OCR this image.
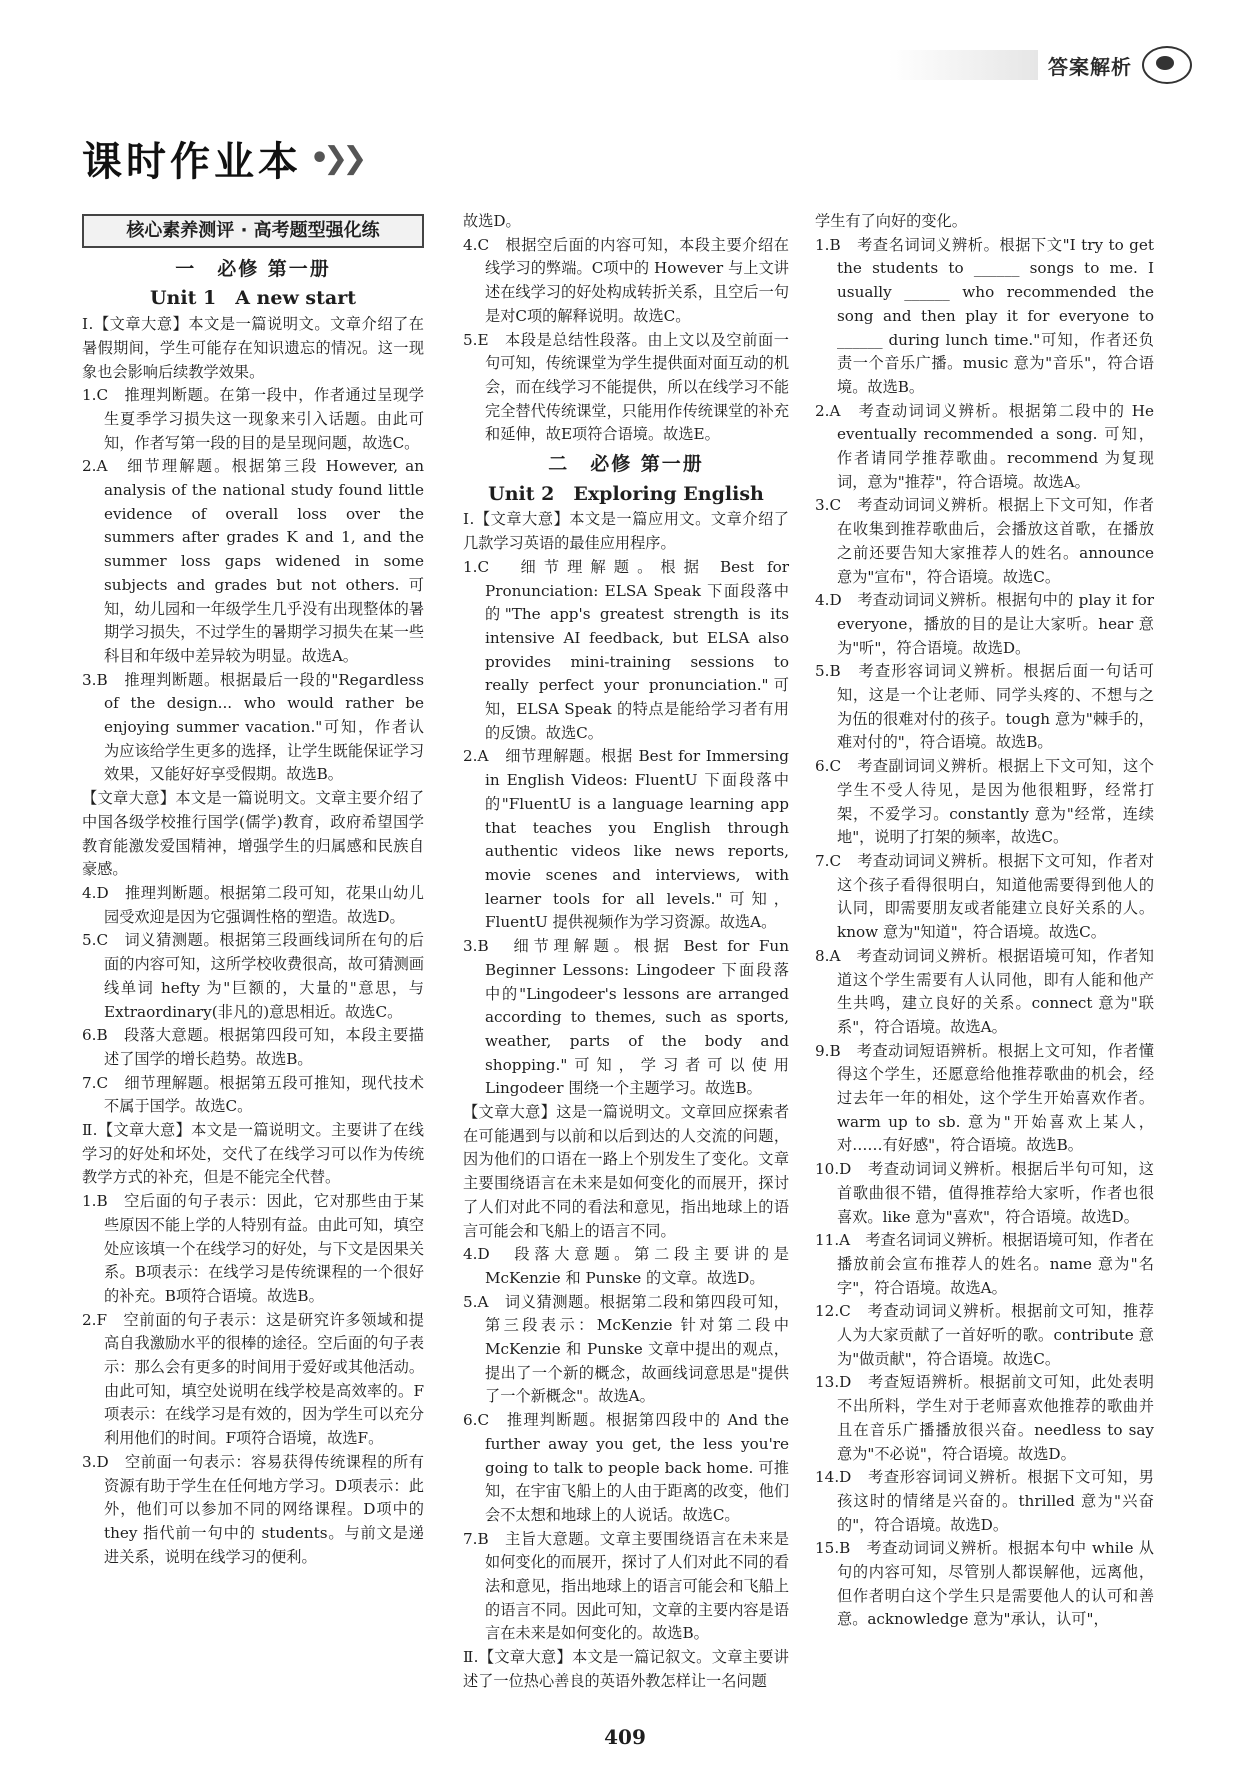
答案解析
课时作业本 •❯❯
核心素养测评 · 高考题型强化练
一　必修 第一册
Unit 1　A new start

Ⅰ.【文章大意】本文是一篇说明文。文章介绍了在暑假期间，学生可能存在知识遗忘的情况。这一现象也会影响后续教学效果。

1.C　推理判断题。在第一段中，作者通过呈现学生夏季学习损失这一现象来引入话题。由此可知，作者写第一段的目的是呈现问题，故选C。

2.A　细节理解题。根据第三段 However, an analysis of the national study found little evidence of overall loss over the summers after grades K and 1, and the summer loss gaps widened in some subjects and grades but not others. 可知，幼儿园和一年级学生几乎没有出现整体的暑期学习损失，不过学生的暑期学习损失在某一些科目和年级中差异较为明显。故选A。

3.B　推理判断题。根据最后一段的"Regardless of the design... who would rather be enjoying summer vacation."可知，作者认为应该给学生更多的选择，让学生既能保证学习效果，又能好好享受假期。故选B。

【文章大意】本文是一篇说明文。文章主要介绍了中国各级学校推行国学(儒学)教育，政府希望国学教育能激发爱国精神，增强学生的归属感和民族自豪感。

4.D　推理判断题。根据第二段可知，花果山幼儿园受欢迎是因为它强调性格的塑造。故选D。

5.C　词义猜测题。根据第三段画线词所在句的后面的内容可知，这所学校收费很高，故可猜测画线单词 hefty 为"巨额的，大量的"意思，与 Extraordinary(非凡的)意思相近。故选C。

6.B　段落大意题。根据第四段可知，本段主要描述了国学的增长趋势。故选B。

7.C　细节理解题。根据第五段可推知，现代技术不属于国学。故选C。

Ⅱ.【文章大意】本文是一篇说明文。主要讲了在线学习的好处和坏处，交代了在线学习可以作为传统教学方式的补充，但是不能完全代替。

1.B　空后面的句子表示：因此，它对那些由于某些原因不能上学的人特别有益。由此可知，填空处应该填一个在线学习的好处，与下文是因果关系。B项表示：在线学习是传统课程的一个很好的补充。B项符合语境。故选B。

2.F　空前面的句子表示：这是研究许多领域和提高自我激励水平的很棒的途径。空后面的句子表示：那么会有更多的时间用于爱好或其他活动。由此可知，填空处说明在线学校是高效率的。F项表示：在线学习是有效的，因为学生可以充分利用他们的时间。F项符合语境，故选F。

3.D　空前面一句表示：容易获得传统课程的所有资源有助于学生在任何地方学习。D项表示：此外，他们可以参加不同的网络课程。D项中的 they 指代前一句中的 students。与前文是递进关系，说明在线学习的便利。

故选D。

4.C　根据空后面的内容可知，本段主要介绍在线学习的弊端。C项中的 However 与上文讲述在线学习的好处构成转折关系，且空后一句是对C项的解释说明。故选C。

5.E　本段是总结性段落。由上文以及空前面一句可知，传统课堂为学生提供面对面互动的机会，而在线学习不能提供，所以在线学习不能完全替代传统课堂，只能用作传统课堂的补充和延伸，故E项符合语境。故选E。

二　必修 第一册
Unit 2　Exploring English

Ⅰ.【文章大意】本文是一篇应用文。文章介绍了几款学习英语的最佳应用程序。

1.C　细节理解题。根据 Best for Pronunciation: ELSA Speak 下面段落中的"The app's greatest strength is its intensive AI feedback, but ELSA also provides mini-training sessions to really perfect your pronunciation."可知，ELSA Speak 的特点是能给学习者有用的反馈。故选C。

2.A　细节理解题。根据 Best for Immersing in English Videos: FluentU 下面段落中的"FluentU is a language learning app that teaches you English through authentic videos like news reports, movie scenes and interviews, with learner tools for all levels."可知，FluentU 提供视频作为学习资源。故选A。

3.B　细节理解题。根据 Best for Fun Beginner Lessons: Lingodeer 下面段落中的"Lingodeer's lessons are arranged according to themes, such as sports, weather, parts of the body and shopping."可知，学习者可以使用 Lingodeer 围绕一个主题学习。故选B。

【文章大意】这是一篇说明文。文章回应探索者在可能遇到与以前和以后到达的人交流的问题，因为他们的口语在一路上个别发生了变化。文章主要围绕语言在未来是如何变化的而展开，探讨了人们对此不同的看法和意见，指出地球上的语言可能会和飞船上的语言不同。

4.D　段落大意题。第二段主要讲的是 McKenzie 和 Punske 的文章。故选D。

5.A　词义猜测题。根据第二段和第四段可知，第三段表示：McKenzie 针对第二段中 McKenzie 和 Punske 文章中提出的观点，提出了一个新的概念，故画线词意思是"提供了一个新概念"。故选A。

6.C　推理判断题。根据第四段中的 And the further away you get, the less you're going to talk to people back home. 可推知，在宇宙飞船上的人由于距离的改变，他们会不太想和地球上的人说话。故选C。

7.B　主旨大意题。文章主要围绕语言在未来是如何变化的而展开，探讨了人们对此不同的看法和意见，指出地球上的语言可能会和飞船上的语言不同。因此可知，文章的主要内容是语言在未来是如何变化的。故选B。

Ⅱ.【文章大意】本文是一篇记叙文。文章主要讲述了一位热心善良的英语外教怎样让一名问题

学生有了向好的变化。

1.B　考查名词词义辨析。根据下文"I try to get the students to ______ songs to me. I usually ______ who recommended the song and then play it for everyone to ______ during lunch time."可知，作者还负责一个音乐广播。music 意为"音乐"，符合语境。故选B。

2.A　考查动词词义辨析。根据第二段中的 He eventually recommended a song. 可知，作者请同学推荐歌曲。recommend 为复现词，意为"推荐"，符合语境。故选A。

3.C　考查动词词义辨析。根据上下文可知，作者在收集到推荐歌曲后，会播放这首歌，在播放之前还要告知大家推荐人的姓名。announce 意为"宣布"，符合语境。故选C。

4.D　考查动词词义辨析。根据句中的 play it for everyone，播放的目的是让大家听。hear 意为"听"，符合语境。故选D。

5.B　考查形容词词义辨析。根据后面一句话可知，这是一个让老师、同学头疼的、不想与之为伍的很难对付的孩子。tough 意为"棘手的，难对付的"，符合语境。故选B。

6.C　考查副词词义辨析。根据上下文可知，这个学生不受人待见，是因为他很粗野，经常打架，不爱学习。constantly 意为"经常，连续地"，说明了打架的频率，故选C。

7.C　考查动词词义辨析。根据下文可知，作者对这个孩子看得很明白，知道他需要得到他人的认同，即需要朋友或者能建立良好关系的人。know 意为"知道"，符合语境。故选C。

8.A　考查动词词义辨析。根据语境可知，作者知道这个学生需要有人认同他，即有人能和他产生共鸣，建立良好的关系。connect 意为"联系"，符合语境。故选A。

9.B　考查动词短语辨析。根据上文可知，作者懂得这个学生，还愿意给他推荐歌曲的机会，经过去年一年的相处，这个学生开始喜欢作者。warm up to sb. 意为"开始喜欢上某人，对……有好感"，符合语境。故选B。

10.D　考查动词词义辨析。根据后半句可知，这首歌曲很不错，值得推荐给大家听，作者也很喜欢。like 意为"喜欢"，符合语境。故选D。

11.A　考查名词词义辨析。根据语境可知，作者在播放前会宣布推荐人的姓名。name 意为"名字"，符合语境。故选A。

12.C　考查动词词义辨析。根据前文可知，推荐人为大家贡献了一首好听的歌。contribute 意为"做贡献"，符合语境。故选C。

13.D　考查短语辨析。根据前文可知，此处表明不出所料，学生对于老师喜欢他推荐的歌曲并且在音乐广播播放很兴奋。needless to say 意为"不必说"，符合语境。故选D。

14.D　考查形容词词义辨析。根据下文可知，男孩这时的情绪是兴奋的。thrilled 意为"兴奋的"，符合语境。故选D。

15.B　考查动词词义辨析。根据本句中 while 从句的内容可知，尽管别人都误解他，远离他，但作者明白这个学生只是需要他人的认可和善意。acknowledge 意为"承认，认可"，

409
